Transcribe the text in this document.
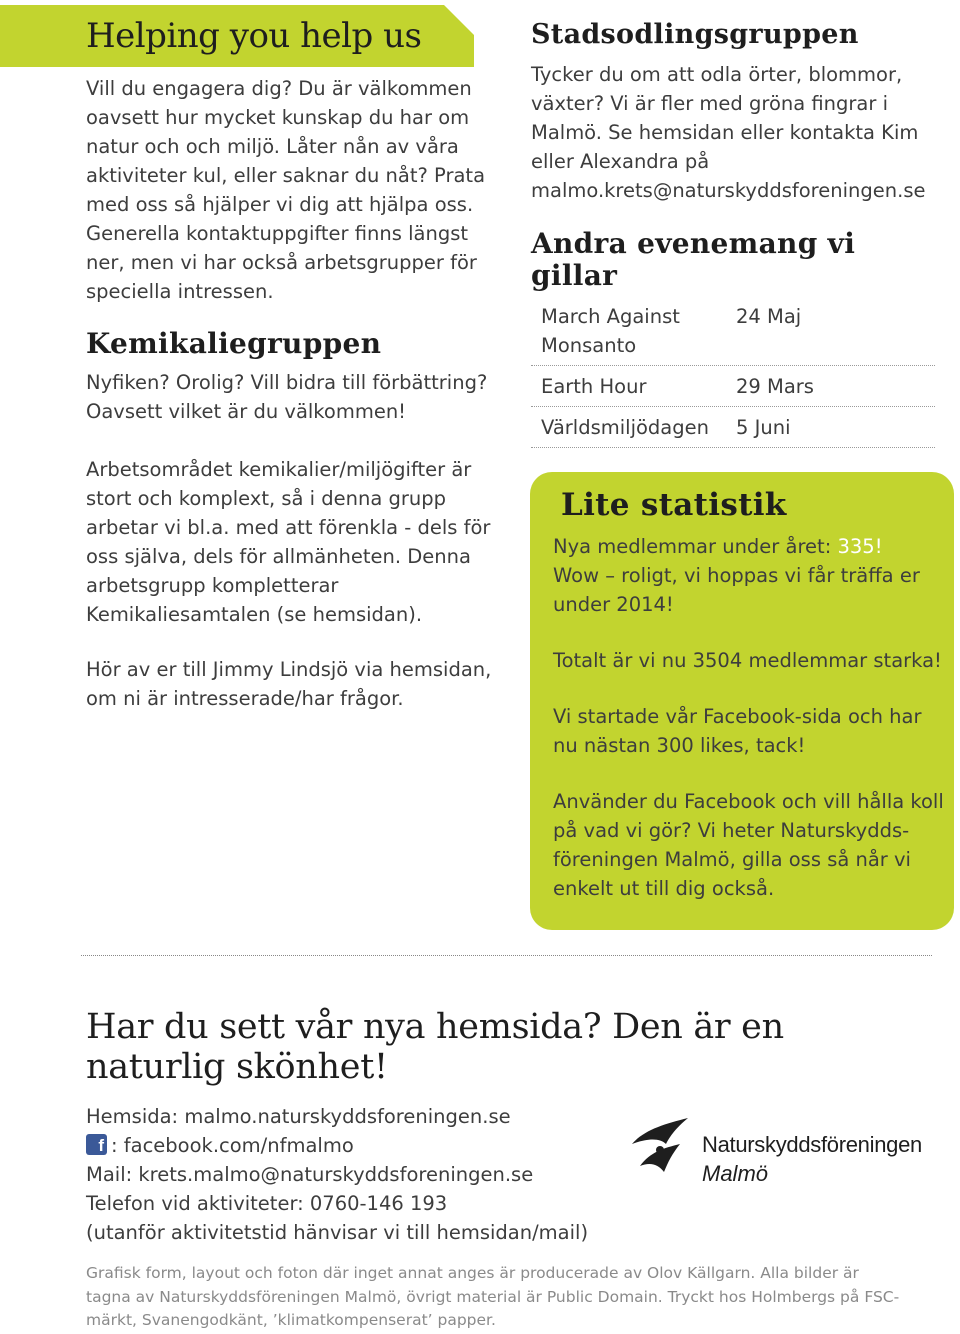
Helping you help us

Vill du engagera dig? Du är välkommen oavsett hur mycket kunskap du har om natur och och miljö. Låter nån av våra aktiviteter kul, eller saknar du nåt? Prata med oss så hjälper vi dig att hjälpa oss. Generella kontaktuppgifter finns längst ner, men vi har också arbetsgrupper för speciella intressen.

Kemikaliegruppen

Nyfiken? Orolig? Vill bidra till förbättring? Oavsett vilket är du välkommen!

Arbetsområdet kemikalier/miljögifter är stort och komplext, så i denna grupp arbetar vi bl.a. med att förenkla - dels för oss själva, dels för allmänheten. Denna arbetsgrupp kompletterar Kemikaliesamtalen (se hemsidan).

Hör av er till Jimmy Lindsjö via hemsidan, om ni är intresserade/har frågor.

Stadsodlingsgruppen

Tycker du om att odla örter, blommor, växter? Vi är fler med gröna fingrar i Malmö. Se hemsidan eller kontakta Kim eller Alexandra på malmo.krets@naturskyddsforeningen.se

Andra evenemang vi gillar
March Against Monsanto
24 Maj
Earth Hour	29 Mars
Världsmiljödagen	5 Juni
Lite statistik

Nya medlemmar under året: 335!
Wow – roligt, vi hoppas vi får träffa er under 2014!

Totalt är vi nu 3504 medlemmar starka!

Vi startade vår Facebook-sida och har nu nästan 300 likes, tack!

Använder du Facebook och vill hålla koll på vad vi gör? Vi heter Naturskydds-föreningen Malmö, gilla oss så når vi enkelt ut till dig också.

Har du sett vår nya hemsida? Den är en naturlig skönhet!

Hemsida: malmo.naturskyddsforeningen.se

f : facebook.com/nfmalmo

Mail: krets.malmo@naturskyddsforeningen.se

Telefon vid aktiviteter: 0760-146 193

(utanför aktivitetstid hänvisar vi till hemsidan/mail)

Naturskyddsföreningen
Malmö

Grafisk form, layout och foton där inget annat anges är producerade av Olov Källgarn. Alla bilder är tagna av Naturskyddsföreningen Malmö, övrigt material är Public Domain. Tryckt hos Holmbergs på FSC-märkt, Svanengodkänt, ’klimatkompenserat’ papper.
